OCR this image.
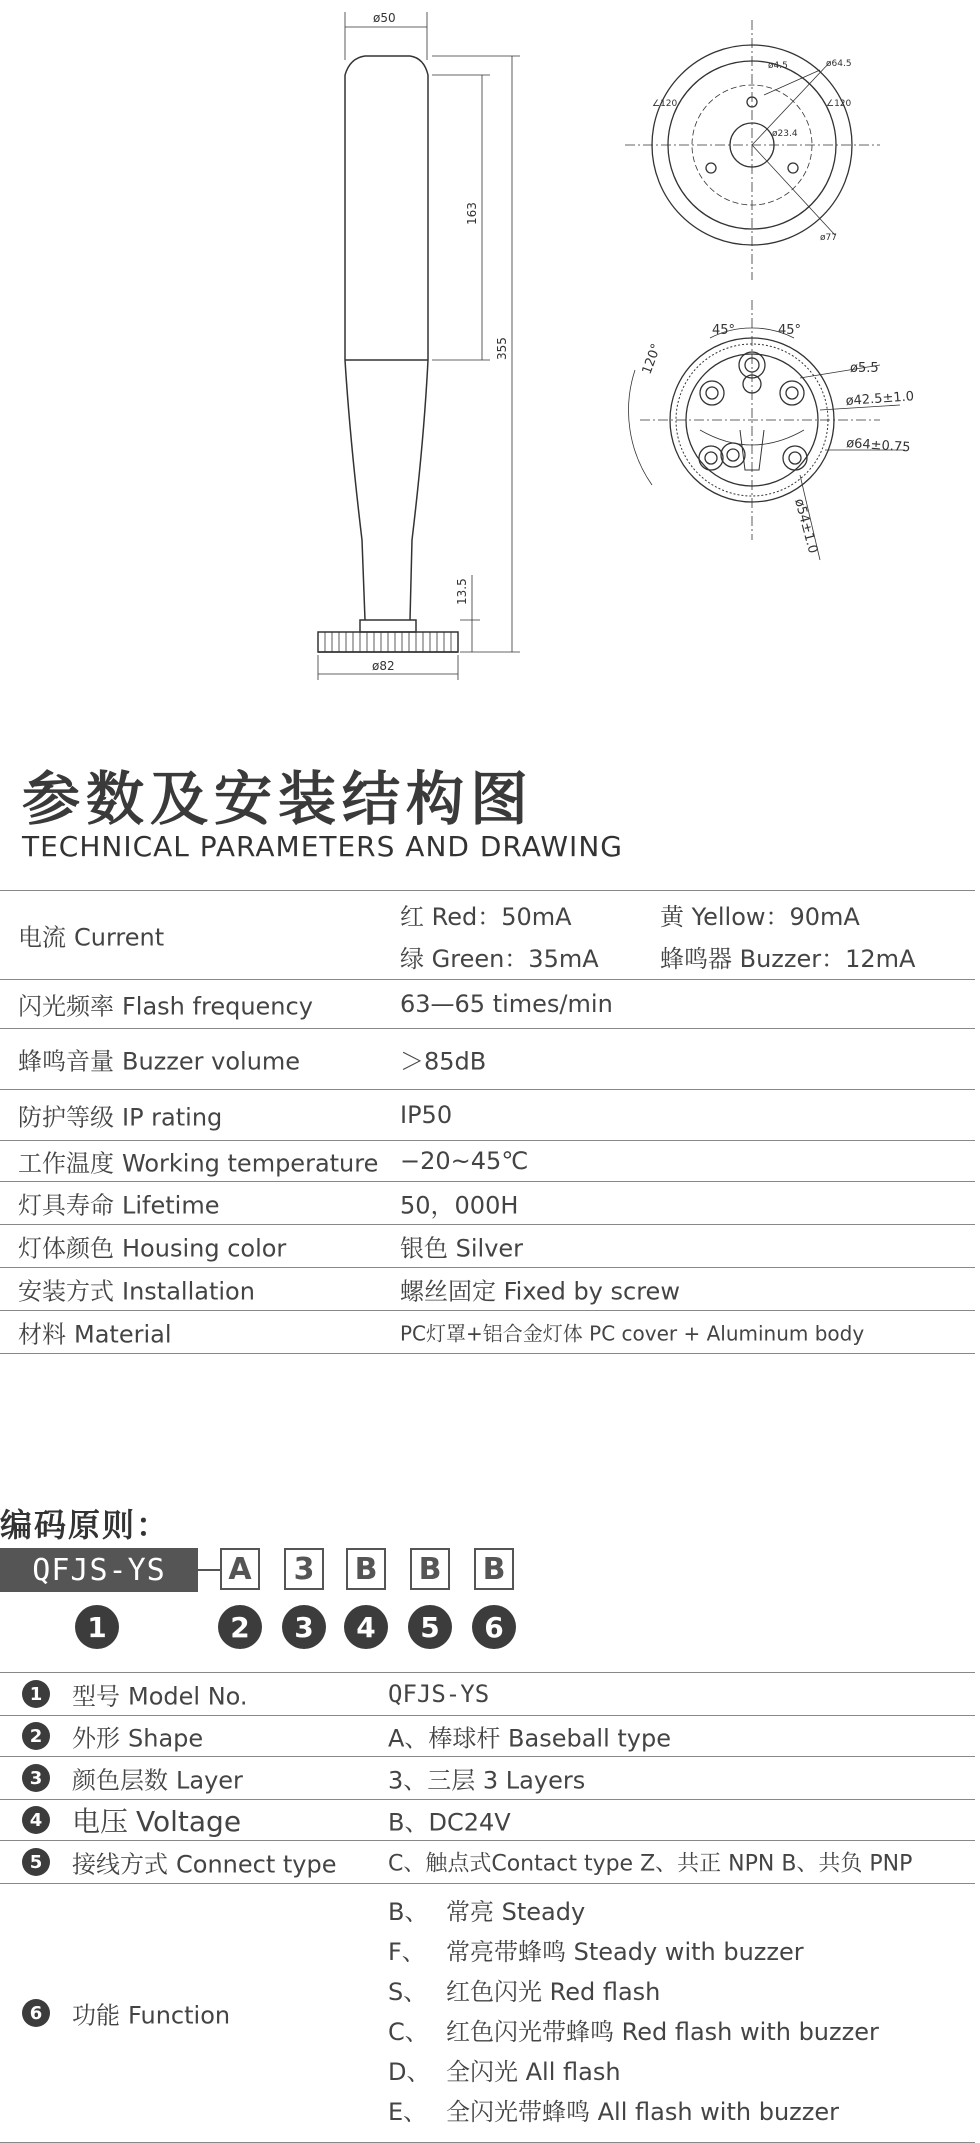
ø50
ø82
163
355
13.5
ø4.5	ø64.5
∠120	∠120
ø23.4
ø77
120°
45°	45°
ø5.5
ø42.5±1.0
ø64±0.75
ø54±1.0
参数及安装结构图
TECHNICAL PARAMETERS AND DRAWING
电流 Current
红 Red：50mA	黄 Yellow：90mA
绿 Green：35mA	蜂鸣器 Buzzer：12mA
闪光频率 Flash frequency	63—65 times/min
蜂鸣音量 Buzzer volume	＞85dB
防护等级 IP rating	IP50
工作温度 Working temperature −20~45℃
灯具寿命 Lifetime	50，000H
灯体颜色 Housing color	银色 Silver
安装方式 Installation	螺丝固定 Fixed by screw
材料 Material	PC灯罩+铝合金灯体 PC cover + Aluminum body
编码原则：
QFJS-YS	A	3	B B B
1	2	3	4	5	6
1	型号 Model No.	QFJS-YS
2	外形 Shape	A、棒球杆 Baseball type
3	颜色层数 Layer	3、三层 3 Layers
4 电压 Voltage	B、DC24V
5	接线方式 Connect type C、触点式Contact type Z、共正 NPN B、共负 PNP
6	功能 Function
B、 常亮 Steady
F、 常亮带蜂鸣 Steady with buzzer
S、 红色闪光 Red flash
C、 红色闪光带蜂鸣 Red flash with buzzer
D、 全闪光 All flash
E、 全闪光带蜂鸣 All flash with buzzer
